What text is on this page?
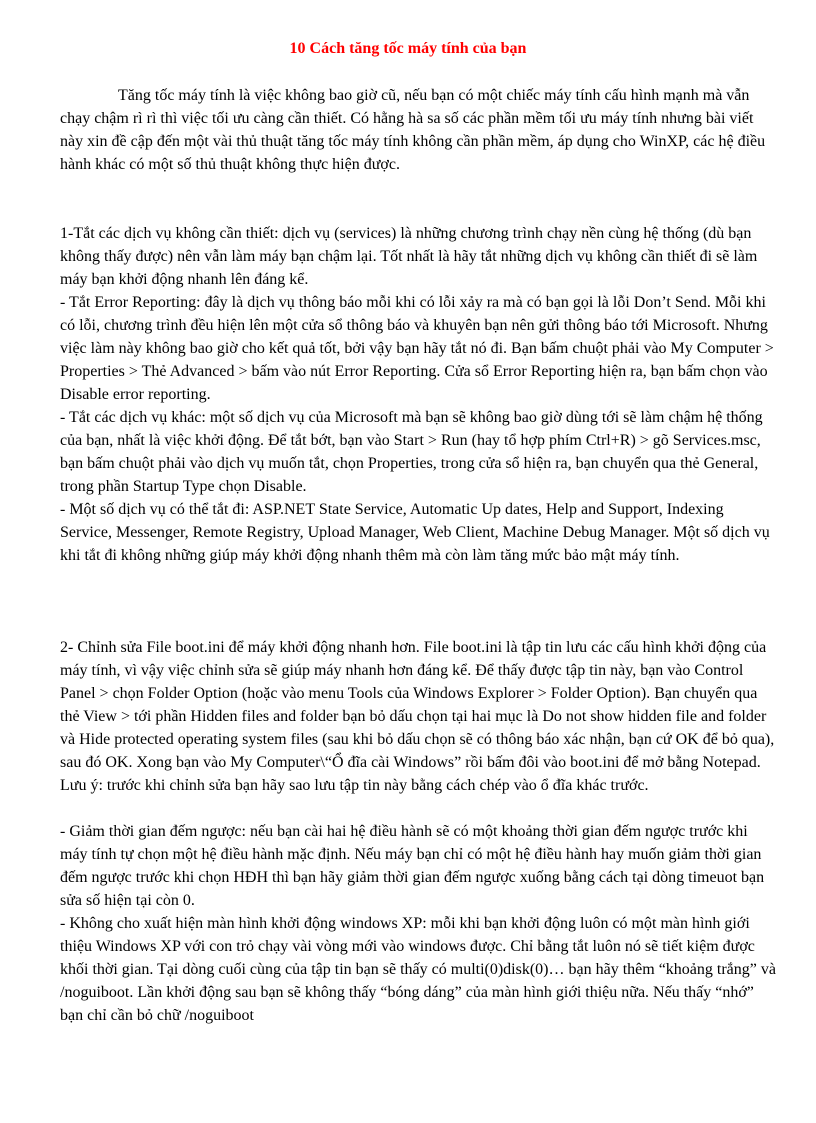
10 Cách tăng tốc máy tính của bạn

Tăng tốc máy tính là việc không bao giờ cũ, nếu bạn có một chiếc máy tính cấu hình mạnh mà vẫn chạy chậm rì rì thì việc tối ưu càng cần thiết. Có hằng hà sa số các phần mềm tối ưu máy tính nhưng bài viết này xin đề cập đến một vài thủ thuật tăng tốc máy tính không cần phần mềm, áp dụng cho WinXP, các hệ điều hành khác có một số thủ thuật không thực hiện được.

1-Tắt các dịch vụ không cần thiết: dịch vụ (services) là những chương trình chạy nền cùng hệ thống (dù bạn không thấy được) nên vẫn làm máy bạn chậm lại. Tốt nhất là hãy tắt những dịch vụ không cần thiết đi sẽ làm máy bạn khởi động nhanh lên đáng kể.

- Tắt Error Reporting: đây là dịch vụ thông báo mỗi khi có lỗi xảy ra mà có bạn gọi là lỗi Don’t Send. Mỗi khi có lỗi, chương trình đều hiện lên một cửa sổ thông báo và khuyên bạn nên gửi thông báo tới Microsoft. Nhưng việc làm này không bao giờ cho kết quả tốt, bởi vậy bạn hãy tắt nó đi. Bạn bấm chuột phải vào My Computer > Properties > Thẻ Advanced > bấm vào nút Error Reporting. Cửa sổ Error Reporting hiện ra, bạn bấm chọn vào Disable error reporting.

- Tắt các dịch vụ khác: một số dịch vụ của Microsoft mà bạn sẽ không bao giờ dùng tới sẽ làm chậm hệ thống của bạn, nhất là việc khởi động. Để tắt bớt, bạn vào Start > Run (hay tổ hợp phím Ctrl+R) > gõ Services.msc, bạn bấm chuột phải vào dịch vụ muốn tắt, chọn Properties, trong cửa sổ hiện ra, bạn chuyển qua thẻ General, trong phần Startup Type chọn Disable.

- Một số dịch vụ có thể tắt đi: ASP.NET State Service, Automatic Up dates, Help and Support, Indexing Service, Messenger, Remote Registry, Upload Manager, Web Client, Machine Debug Manager. Một số dịch vụ khi tắt đi không những giúp máy khởi động nhanh thêm mà còn làm tăng mức bảo mật máy tính.

2- Chỉnh sửa File boot.ini để máy khởi động nhanh hơn. File boot.ini là tập tin lưu các cấu hình khởi động của máy tính, vì vậy việc chỉnh sửa sẽ giúp máy nhanh hơn đáng kể. Để thấy được tập tin này, bạn vào Control Panel > chọn Folder Option (hoặc vào menu Tools của Windows Explorer > Folder Option). Bạn chuyển qua thẻ View > tới phần Hidden files and folder bạn bỏ dấu chọn tại hai mục là Do not show hidden file and folder và Hide protected operating system files (sau khi bỏ dấu chọn sẽ có thông báo xác nhận, bạn cứ OK để bỏ qua), sau đó OK. Xong bạn vào My Computer\“Ổ đĩa cài Windows” rồi bấm đôi vào boot.ini để mở bằng Notepad. Lưu ý: trước khi chỉnh sửa bạn hãy sao lưu tập tin này bằng cách chép vào ổ đĩa khác trước.

- Giảm thời gian đếm ngược: nếu bạn cài hai hệ điều hành sẽ có một khoảng thời gian đếm ngược trước khi máy tính tự chọn một hệ điều hành mặc định. Nếu máy bạn chỉ có một hệ điều hành hay muốn giảm thời gian đếm ngược trước khi chọn HĐH thì bạn hãy giảm thời gian đếm ngược xuống bằng cách tại dòng timeuot bạn sửa số hiện tại còn 0.

- Không cho xuất hiện màn hình khởi động windows XP: mỗi khi bạn khởi động luôn có một màn hình giới thiệu Windows XP với con trỏ chạy vài vòng mới vào windows được. Chỉ bằng tắt luôn nó sẽ tiết kiệm được khối thời gian. Tại dòng cuối cùng của tập tin bạn sẽ thấy có multi(0)disk(0)… bạn hãy thêm “khoảng trắng” và /noguiboot. Lần khởi động sau bạn sẽ không thấy “bóng dáng” của màn hình giới thiệu nữa. Nếu thấy “nhớ” bạn chỉ cần bỏ chữ /noguiboot
